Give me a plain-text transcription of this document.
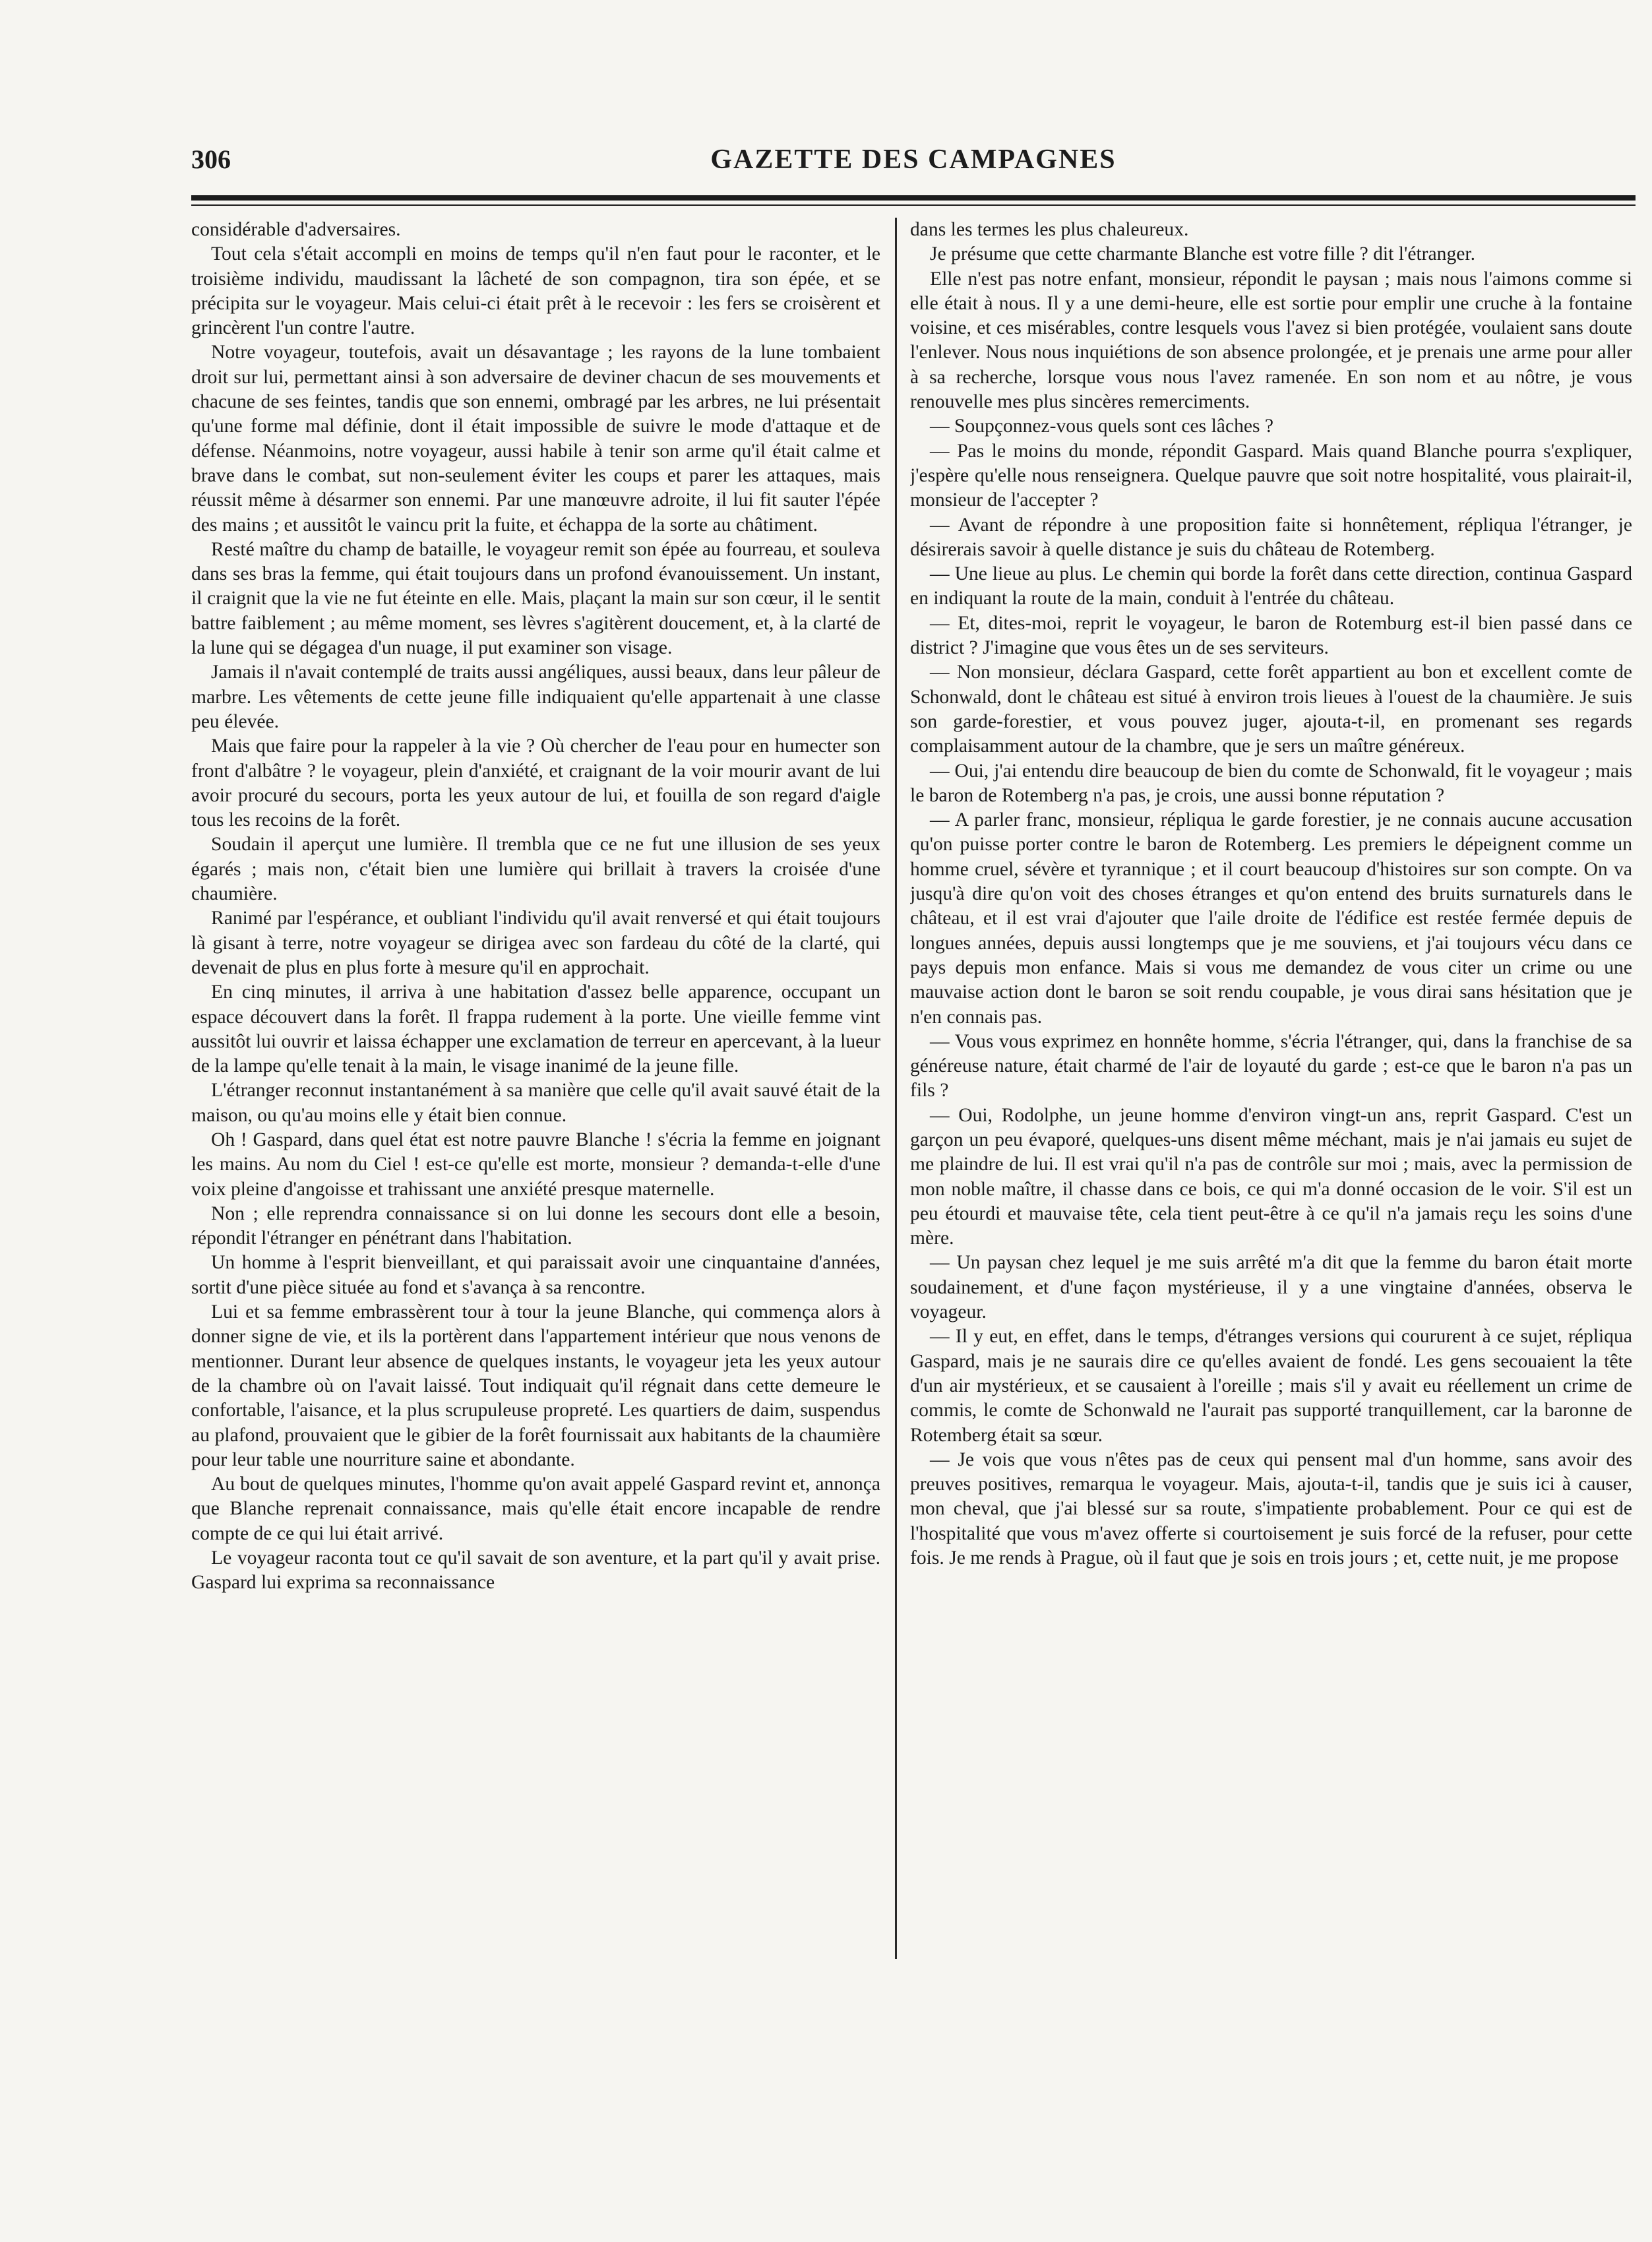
306	GAZETTE DES CAMPAGNES

considérable d'adversaires.

Tout cela s'était accompli en moins de temps qu'il n'en faut pour le raconter, et le troisième individu, maudissant la lâcheté de son compagnon, tira son épée, et se précipita sur le voyageur. Mais celui-ci était prêt à le recevoir : les fers se croisèrent et grincèrent l'un contre l'autre.

Notre voyageur, toutefois, avait un désavantage ; les rayons de la lune tombaient droit sur lui, permettant ainsi à son adversaire de deviner chacun de ses mouvements et chacune de ses feintes, tandis que son ennemi, ombragé par les arbres, ne lui présentait qu'une forme mal définie, dont il était impossible de suivre le mode d'attaque et de défense. Néanmoins, notre voyageur, aussi habile à tenir son arme qu'il était calme et brave dans le combat, sut non-seulement éviter les coups et parer les attaques, mais réussit même à désarmer son ennemi. Par une manœuvre adroite, il lui fit sauter l'épée des mains ; et aussitôt le vaincu prit la fuite, et échappa de la sorte au châtiment.

Resté maître du champ de bataille, le voyageur remit son épée au fourreau, et souleva dans ses bras la femme, qui était toujours dans un profond évanouissement. Un instant, il craignit que la vie ne fut éteinte en elle. Mais, plaçant la main sur son cœur, il le sentit battre faiblement ; au même moment, ses lèvres s'agitèrent doucement, et, à la clarté de la lune qui se dégagea d'un nuage, il put examiner son visage.

Jamais il n'avait contemplé de traits aussi angéliques, aussi beaux, dans leur pâleur de marbre. Les vêtements de cette jeune fille indiquaient qu'elle appartenait à une classe peu élevée.

Mais que faire pour la rappeler à la vie ? Où chercher de l'eau pour en humecter son front d'albâtre ? le voyageur, plein d'anxiété, et craignant de la voir mourir avant de lui avoir procuré du secours, porta les yeux autour de lui, et fouilla de son regard d'aigle tous les recoins de la forêt.

Soudain il aperçut une lumière. Il trembla que ce ne fut une illusion de ses yeux égarés ; mais non, c'était bien une lumière qui brillait à travers la croisée d'une chaumière.

Ranimé par l'espérance, et oubliant l'individu qu'il avait renversé et qui était toujours là gisant à terre, notre voyageur se dirigea avec son fardeau du côté de la clarté, qui devenait de plus en plus forte à mesure qu'il en approchait.

En cinq minutes, il arriva à une habitation d'assez belle apparence, occupant un espace découvert dans la forêt. Il frappa rudement à la porte. Une vieille femme vint aussitôt lui ouvrir et laissa échapper une exclamation de terreur en apercevant, à la lueur de la lampe qu'elle tenait à la main, le visage inanimé de la jeune fille.

L'étranger reconnut instantanément à sa manière que celle qu'il avait sauvé était de la maison, ou qu'au moins elle y était bien connue.

Oh ! Gaspard, dans quel état est notre pauvre Blanche ! s'écria la femme en joignant les mains. Au nom du Ciel ! est-ce qu'elle est morte, monsieur ? demanda-t-elle d'une voix pleine d'angoisse et trahissant une anxiété presque maternelle.

Non ; elle reprendra connaissance si on lui donne les secours dont elle a besoin, répondit l'étranger en pénétrant dans l'habitation.

Un homme à l'esprit bienveillant, et qui paraissait avoir une cinquantaine d'années, sortit d'une pièce située au fond et s'avança à sa rencontre.

Lui et sa femme embrassèrent tour à tour la jeune Blanche, qui commença alors à donner signe de vie, et ils la portèrent dans l'appartement intérieur que nous venons de mentionner. Durant leur absence de quelques instants, le voyageur jeta les yeux autour de la chambre où on l'avait laissé. Tout indiquait qu'il régnait dans cette demeure le confortable, l'aisance, et la plus scrupuleuse propreté. Les quartiers de daim, suspendus au plafond, prouvaient que le gibier de la forêt fournissait aux habitants de la chaumière pour leur table une nourriture saine et abondante.

Au bout de quelques minutes, l'homme qu'on avait appelé Gaspard revint et, annonça que Blanche reprenait connaissance, mais qu'elle était encore incapable de rendre compte de ce qui lui était arrivé.

Le voyageur raconta tout ce qu'il savait de son aventure, et la part qu'il y avait prise. Gaspard lui exprima sa reconnaissance

dans les termes les plus chaleureux.

Je présume que cette charmante Blanche est votre fille ? dit l'étranger.

Elle n'est pas notre enfant, monsieur, répondit le paysan ; mais nous l'aimons comme si elle était à nous. Il y a une demi-heure, elle est sortie pour emplir une cruche à la fontaine voisine, et ces misérables, contre lesquels vous l'avez si bien protégée, voulaient sans doute l'enlever. Nous nous inquiétions de son absence prolongée, et je prenais une arme pour aller à sa recherche, lorsque vous nous l'avez ramenée. En son nom et au nôtre, je vous renouvelle mes plus sincères remerciments.

— Soupçonnez-vous quels sont ces lâches ?

— Pas le moins du monde, répondit Gaspard. Mais quand Blanche pourra s'expliquer, j'espère qu'elle nous renseignera. Quelque pauvre que soit notre hospitalité, vous plairait-il, monsieur de l'accepter ?

— Avant de répondre à une proposition faite si honnêtement, répliqua l'étranger, je désirerais savoir à quelle distance je suis du château de Rotemberg.

— Une lieue au plus. Le chemin qui borde la forêt dans cette direction, continua Gaspard en indiquant la route de la main, conduit à l'entrée du château.

— Et, dites-moi, reprit le voyageur, le baron de Rotemburg est-il bien passé dans ce district ? J'imagine que vous êtes un de ses serviteurs.

— Non monsieur, déclara Gaspard, cette forêt appartient au bon et excellent comte de Schonwald, dont le château est situé à environ trois lieues à l'ouest de la chaumière. Je suis son garde-forestier, et vous pouvez juger, ajouta-t-il, en promenant ses regards complaisamment autour de la chambre, que je sers un maître généreux.

— Oui, j'ai entendu dire beaucoup de bien du comte de Schonwald, fit le voyageur ; mais le baron de Rotemberg n'a pas, je crois, une aussi bonne réputation ?

— A parler franc, monsieur, répliqua le garde forestier, je ne connais aucune accusation qu'on puisse porter contre le baron de Rotemberg. Les premiers le dépeignent comme un homme cruel, sévère et tyrannique ; et il court beaucoup d'histoires sur son compte. On va jusqu'à dire qu'on voit des choses étranges et qu'on entend des bruits surnaturels dans le château, et il est vrai d'ajouter que l'aile droite de l'édifice est restée fermée depuis de longues années, depuis aussi longtemps que je me souviens, et j'ai toujours vécu dans ce pays depuis mon enfance. Mais si vous me demandez de vous citer un crime ou une mauvaise action dont le baron se soit rendu coupable, je vous dirai sans hésitation que je n'en connais pas.

— Vous vous exprimez en honnête homme, s'écria l'étranger, qui, dans la franchise de sa généreuse nature, était charmé de l'air de loyauté du garde ; est-ce que le baron n'a pas un fils ?

— Oui, Rodolphe, un jeune homme d'environ vingt-un ans, reprit Gaspard. C'est un garçon un peu évaporé, quelques-uns disent même méchant, mais je n'ai jamais eu sujet de me plaindre de lui. Il est vrai qu'il n'a pas de contrôle sur moi ; mais, avec la permission de mon noble maître, il chasse dans ce bois, ce qui m'a donné occasion de le voir. S'il est un peu étourdi et mauvaise tête, cela tient peut-être à ce qu'il n'a jamais reçu les soins d'une mère.

— Un paysan chez lequel je me suis arrêté m'a dit que la femme du baron était morte soudainement, et d'une façon mystérieuse, il y a une vingtaine d'années, observa le voyageur.

— Il y eut, en effet, dans le temps, d'étranges versions qui coururent à ce sujet, répliqua Gaspard, mais je ne saurais dire ce qu'elles avaient de fondé. Les gens secouaient la tête d'un air mystérieux, et se causaient à l'oreille ; mais s'il y avait eu réellement un crime de commis, le comte de Schonwald ne l'aurait pas supporté tranquillement, car la baronne de Rotemberg était sa sœur.

— Je vois que vous n'êtes pas de ceux qui pensent mal d'un homme, sans avoir des preuves positives, remarqua le voyageur. Mais, ajouta-t-il, tandis que je suis ici à causer, mon cheval, que j'ai blessé sur sa route, s'impatiente probablement. Pour ce qui est de l'hospitalité que vous m'avez offerte si courtoisement je suis forcé de la refuser, pour cette fois. Je me rends à Prague, où il faut que je sois en trois jours ; et, cette nuit, je me propose
